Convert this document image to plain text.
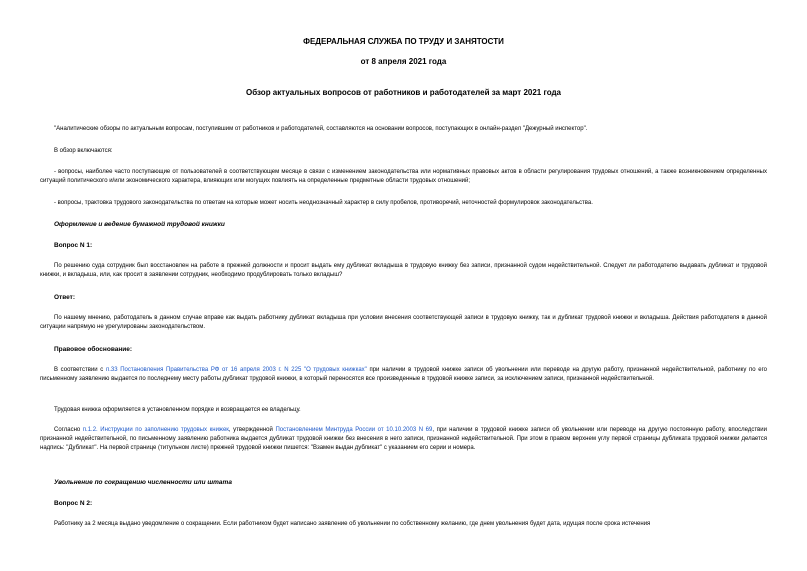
ФЕДЕРАЛЬНАЯ СЛУЖБА ПО ТРУДУ И ЗАНЯТОСТИ

от 8 апреля 2021 года

Обзор актуальных вопросов от работников и работодателей за март 2021 года

"Аналитические обзоры по актуальным вопросам, поступившим от работников и работодателей, составляются на основании вопросов, поступающих в онлайн-раздел "Дежурный инспектор".

В обзор включаются:

- вопросы, наиболее часто поступающие от пользователей в соответствующем месяце в связи с изменением законодательства или нормативных правовых актов в области регулирования трудовых отношений, а также возникновением определенных ситуаций политического и/или экономического характера, влияющих или могущих повлиять на определенные предметные области трудовых отношений;

- вопросы, трактовка трудового законодательства по ответам на которые может носить неоднозначный характер в силу пробелов, противоречий, неточностей формулировок законодательства.

Оформление и ведение бумажной трудовой книжки

Вопрос N 1:

По решению суда сотрудник был восстановлен на работе в прежней должности и просит выдать ему дубликат вкладыша в трудовую книжку без записи, признанной судом недействительной. Следует ли работодателю выдавать дубликат и трудовой книжки, и вкладыша, или, как просит в заявлении сотрудник, необходимо продублировать только вкладыш?

Ответ:

По нашему мнению, работодатель в данном случае вправе как выдать работнику дубликат вкладыша при условии внесения соответствующей записи в трудовую книжку, так и дубликат трудовой книжки и вкладыша. Действия работодателя в данной ситуации напрямую не урегулированы законодательством.

Правовое обоснование:

В соответствии с п.33 Постановления Правительства РФ от 16 апреля 2003 г. N 225 "О трудовых книжках" при наличии в трудовой книжке записи об увольнении или переводе на другую работу, признанной недействительной, работнику по его письменному заявлению выдается по последнему месту работы дубликат трудовой книжки, в который переносятся все произведенные в трудовой книжке записи, за исключением записи, признанной недействительной.

Трудовая книжка оформляется в установленном порядке и возвращается ее владельцу.

Согласно п.1.2. Инструкции по заполнению трудовых книжек, утвержденной Постановлением Минтруда России от 10.10.2003 N 69, при наличии в трудовой книжке записи об увольнении или переводе на другую постоянную работу, впоследствии признанной недействительной, по письменному заявлению работника выдается дубликат трудовой книжки без внесения в него записи, признанной недействительной. При этом в правом верхнем углу первой страницы дубликата трудовой книжки делается надпись: "Дубликат". На первой странице (титульном листе) прежней трудовой книжки пишется: "Взамен выдан дубликат" с указанием его серии и номера.

Увольнение по сокращению численности или штата

Вопрос N 2:

Работнику за 2 месяца выдано уведомление о сокращении. Если работником будет написано заявление об увольнении по собственному желанию, где днем увольнения будет дата, идущая после срока истечения
